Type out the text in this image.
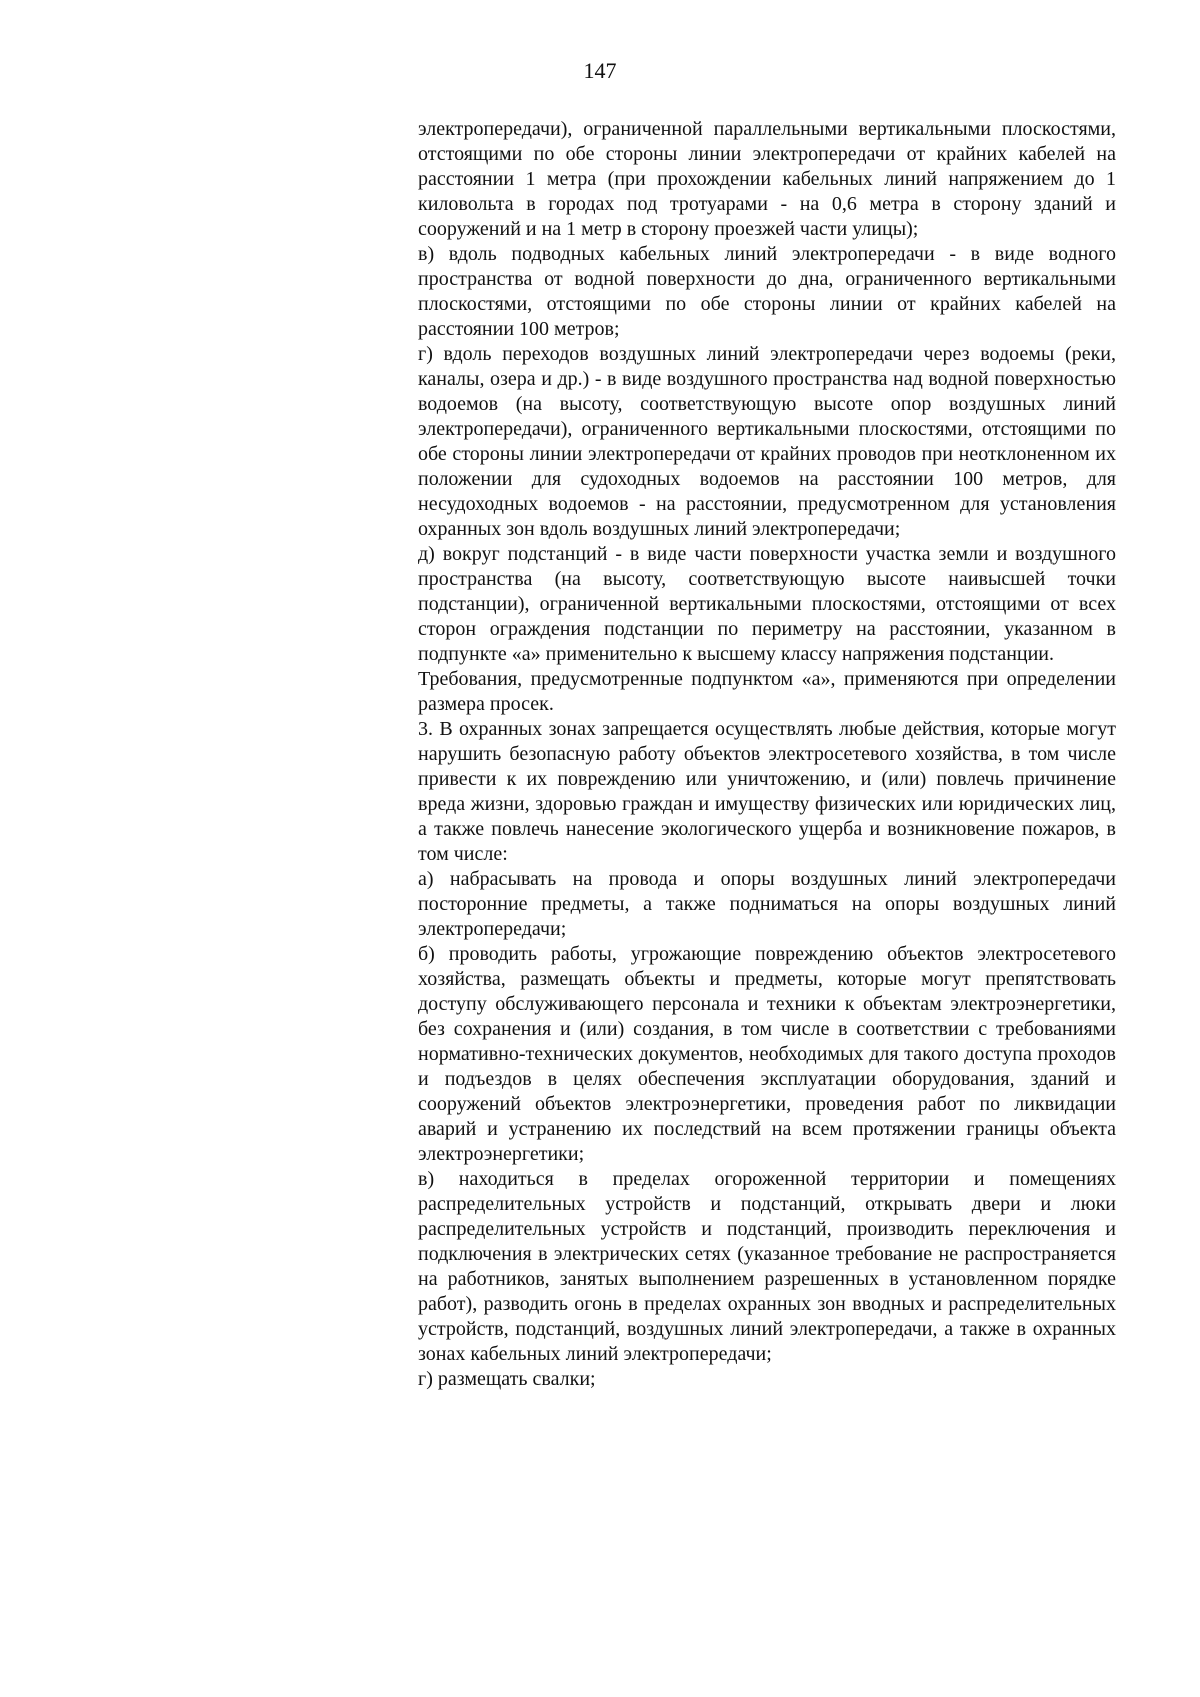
147

электропередачи), ограниченной параллельными вертикальными плоскостями, отстоящими по обе стороны линии электропередачи от крайних кабелей на расстоянии 1 метра (при прохождении кабельных линий напряжением до 1 киловольта в городах под тротуарами - на 0,6 метра в сторону зданий и сооружений и на 1 метр в сторону проезжей части улицы);

в) вдоль подводных кабельных линий электропередачи - в виде водного пространства от водной поверхности до дна, ограниченного вертикальными плоскостями, отстоящими по обе стороны линии от крайних кабелей на расстоянии 100 метров;

г) вдоль переходов воздушных линий электропередачи через водоемы (реки, каналы, озера и др.) - в виде воздушного пространства над водной поверхностью водоемов (на высоту, соответствующую высоте опор воздушных линий электропередачи), ограниченного вертикальными плоскостями, отстоящими по обе стороны линии электропередачи от крайних проводов при неотклоненном их положении для судоходных водоемов на расстоянии 100 метров, для несудоходных водоемов - на расстоянии, предусмотренном для установления охранных зон вдоль воздушных линий электропередачи;

д) вокруг подстанций - в виде части поверхности участка земли и воздушного пространства (на высоту, соответствующую высоте наивысшей точки подстанции), ограниченной вертикальными плоскостями, отстоящими от всех сторон ограждения подстанции по периметру на расстоянии, указанном в подпункте «а» применительно к высшему классу напряжения подстанции.

Требования, предусмотренные подпунктом «а», применяются при определении размера просек.

3. В охранных зонах запрещается осуществлять любые действия, которые могут нарушить безопасную работу объектов электросетевого хозяйства, в том числе привести к их повреждению или уничтожению, и (или) повлечь причинение вреда жизни, здоровью граждан и имуществу физических или юридических лиц, а также повлечь нанесение экологического ущерба и возникновение пожаров, в том числе:

а) набрасывать на провода и опоры воздушных линий электропередачи посторонние предметы, а также подниматься на опоры воздушных линий электропередачи;

б) проводить работы, угрожающие повреждению объектов электросетевого хозяйства, размещать объекты и предметы, которые могут препятствовать доступу обслуживающего персонала и техники к объектам электроэнергетики, без сохранения и (или) создания, в том числе в соответствии с требованиями нормативно-технических документов, необходимых для такого доступа проходов и подъездов в целях обеспечения эксплуатации оборудования, зданий и сооружений объектов электроэнергетики, проведения работ по ликвидации аварий и устранению их последствий на всем протяжении границы объекта электроэнергетики;

в) находиться в пределах огороженной территории и помещениях распределительных устройств и подстанций, открывать двери и люки распределительных устройств и подстанций, производить переключения и подключения в электрических сетях (указанное требование не распространяется на работников, занятых выполнением разрешенных в установленном порядке работ), разводить огонь в пределах охранных зон вводных и распределительных устройств, подстанций, воздушных линий электропередачи, а также в охранных зонах кабельных линий электропередачи;

г) размещать свалки;
